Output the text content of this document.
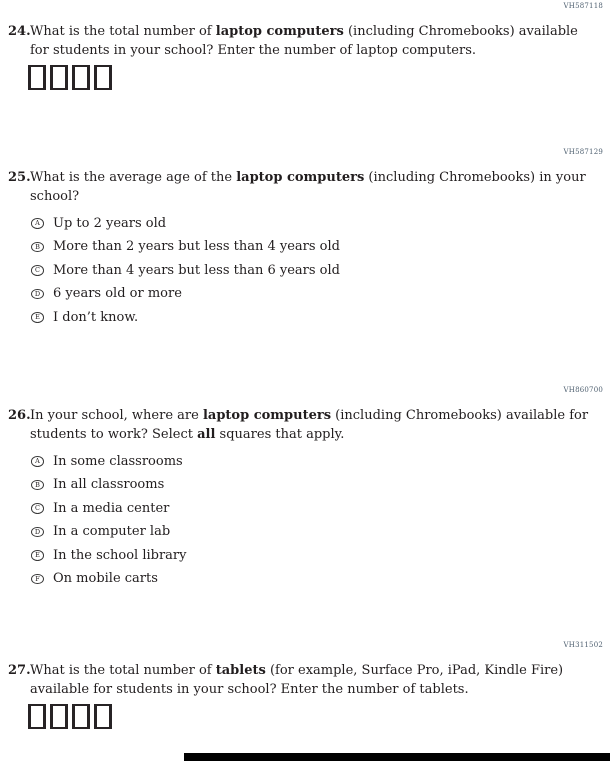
VH587118
24. What is the total number of laptop computers (including Chromebooks) available
for students in your school? Enter the number of laptop computers.
VH587129
25. What is the average age of the laptop computers (including Chromebooks) in your
school?
A Up to 2 years old
B More than 2 years but less than 4 years old
C More than 4 years but less than 6 years old
D 6 years old or more
E I don’t know.
VH860700
26. In your school, where are laptop computers (including Chromebooks) available for
students to work? Select all squares that apply.
A In some classrooms
B In all classrooms
C In a media center
D In a computer lab
E In the school library
F On mobile carts
VH311502
27. What is the total number of tablets (for example, Surface Pro, iPad, Kindle Fire)
available for students in your school? Enter the number of tablets.
